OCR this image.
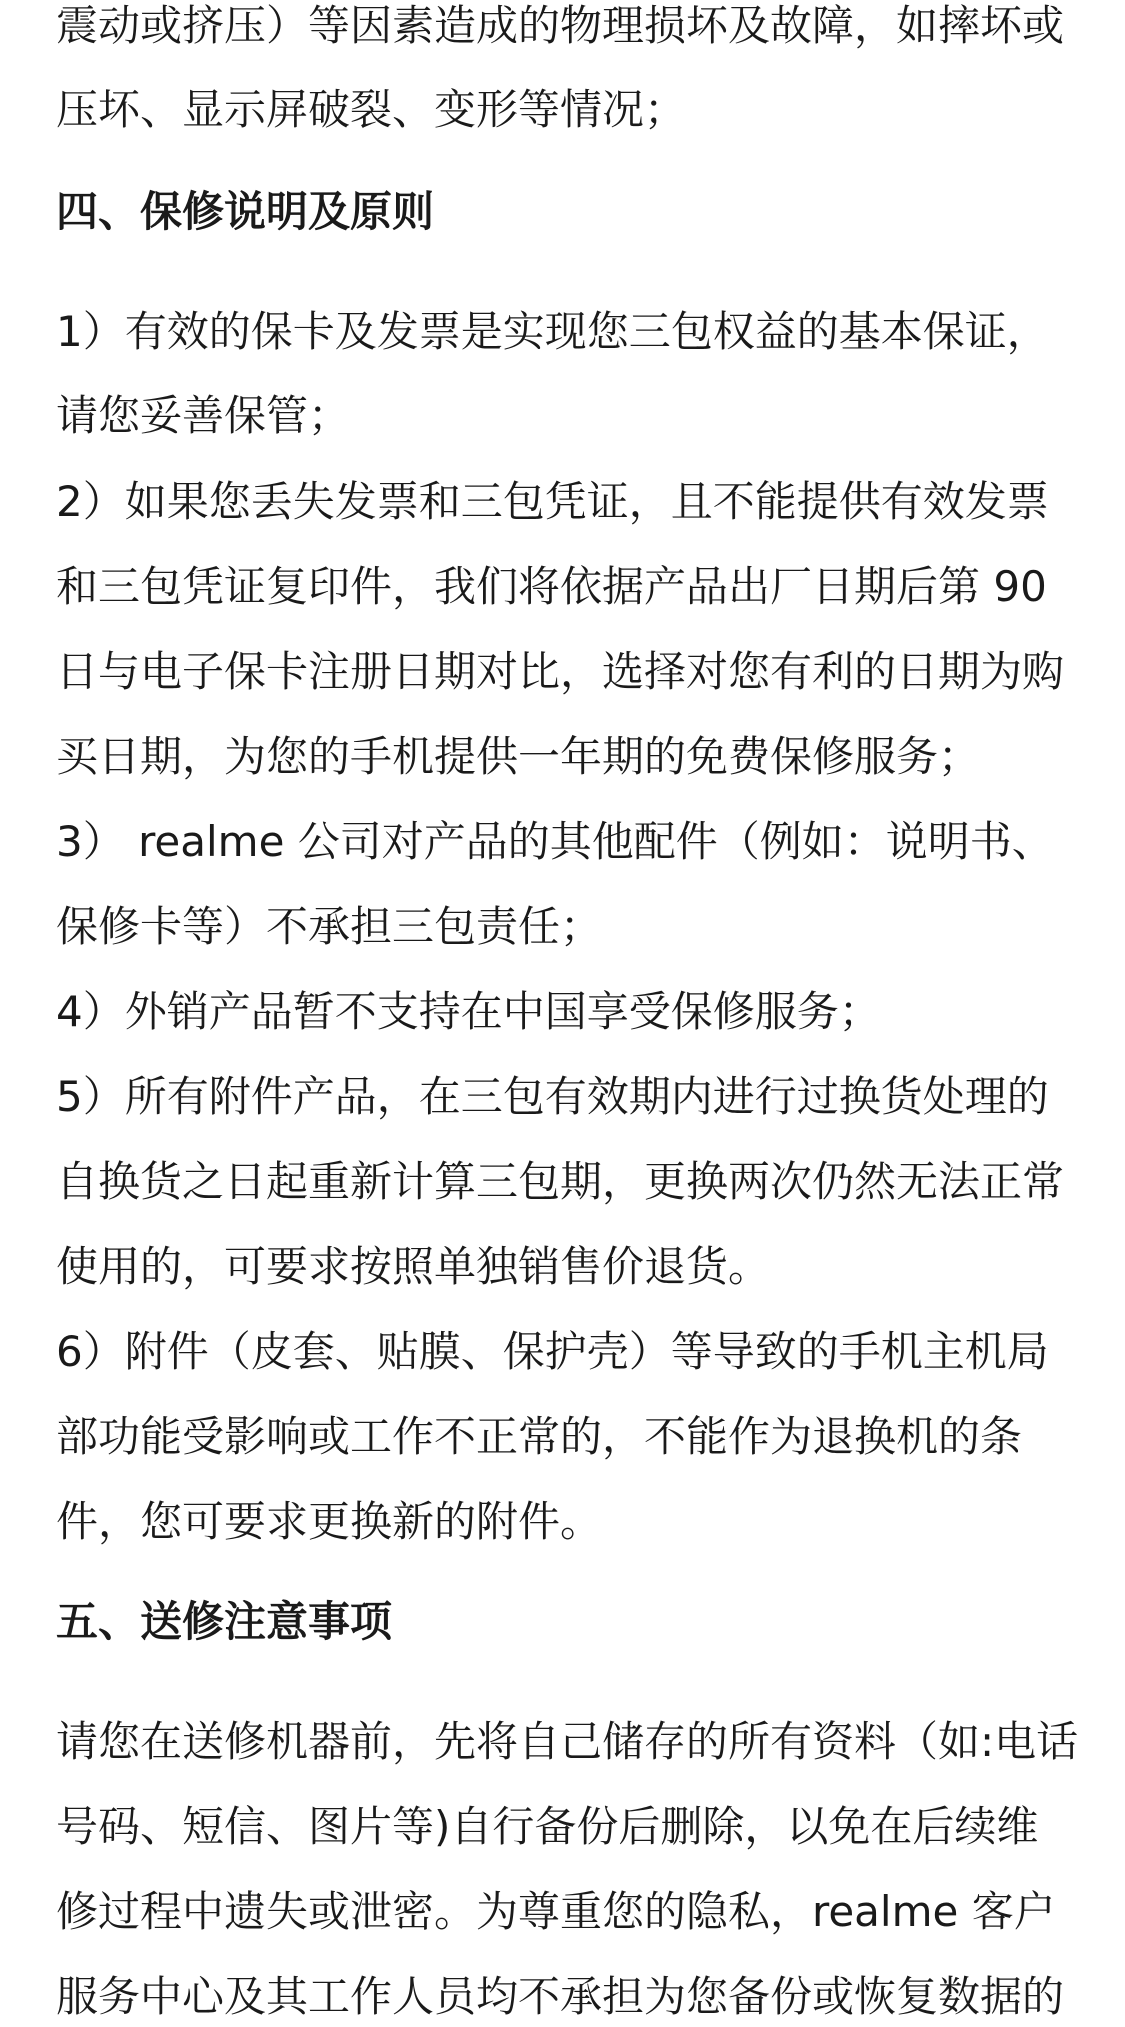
震动或挤压）等因素造成的物理损坏及故障，如摔坏或
压坏、显示屏破裂、变形等情况；
四、保修说明及原则
1）有效的保卡及发票是实现您三包权益的基本保证，
请您妥善保管；
2）如果您丢失发票和三包凭证，且不能提供有效发票
和三包凭证复印件，我们将依据产品出厂日期后第 90
日与电子保卡注册日期对比，选择对您有利的日期为购
买日期，为您的手机提供一年期的免费保修服务；
3） realme 公司对产品的其他配件（例如：说明书、
保修卡等）不承担三包责任；
4）外销产品暂不支持在中国享受保修服务；
5）所有附件产品，在三包有效期内进行过换货处理的
自换货之日起重新计算三包期，更换两次仍然无法正常
使用的，可要求按照单独销售价退货。
6）附件（皮套、贴膜、保护壳）等导致的手机主机局
部功能受影响或工作不正常的，不能作为退换机的条
件，您可要求更换新的附件。
五、送修注意事项
请您在送修机器前，先将自己储存的所有资料（如:电话
号码、短信、图片等)自行备份后删除，以免在后续维
修过程中遗失或泄密。为尊重您的隐私，realme 客户
服务中心及其工作人员均不承担为您备份或恢复数据的
